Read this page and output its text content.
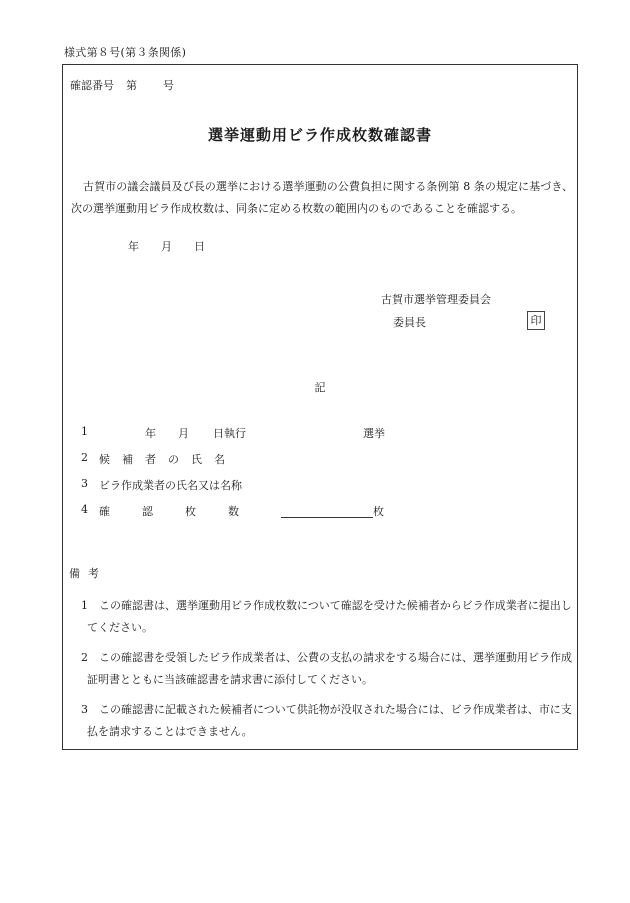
様式第８号(第３条関係)
確認番号 第 号
選挙運動用ビラ作成枚数確認書
古賀市の議会議員及び長の選挙における選挙運動の公費負担に関する条例第 8 条の規定に基づき、次の選挙運動用ビラ作成枚数は、同条に定める枚数の範囲内のものであることを確認する。
年 月 日
古賀市選挙管理委員会
委員長	印
記
1	年 月 日執行	選挙
2 候補者の氏名
3 ビラ作成業者の氏名又は名称
4 確認枚数	枚
備考
1 この確認書は、選挙運動用ビラ作成枚数について確認を受けた候補者からビラ作成業者に提出してください。
2 この確認書を受領したビラ作成業者は、公費の支払の請求をする場合には、選挙運動用ビラ作成証明書とともに当該確認書を請求書に添付してください。
3 この確認書に記載された候補者について供託物が没収された場合には、ビラ作成業者は、市に支払を請求することはできません。
